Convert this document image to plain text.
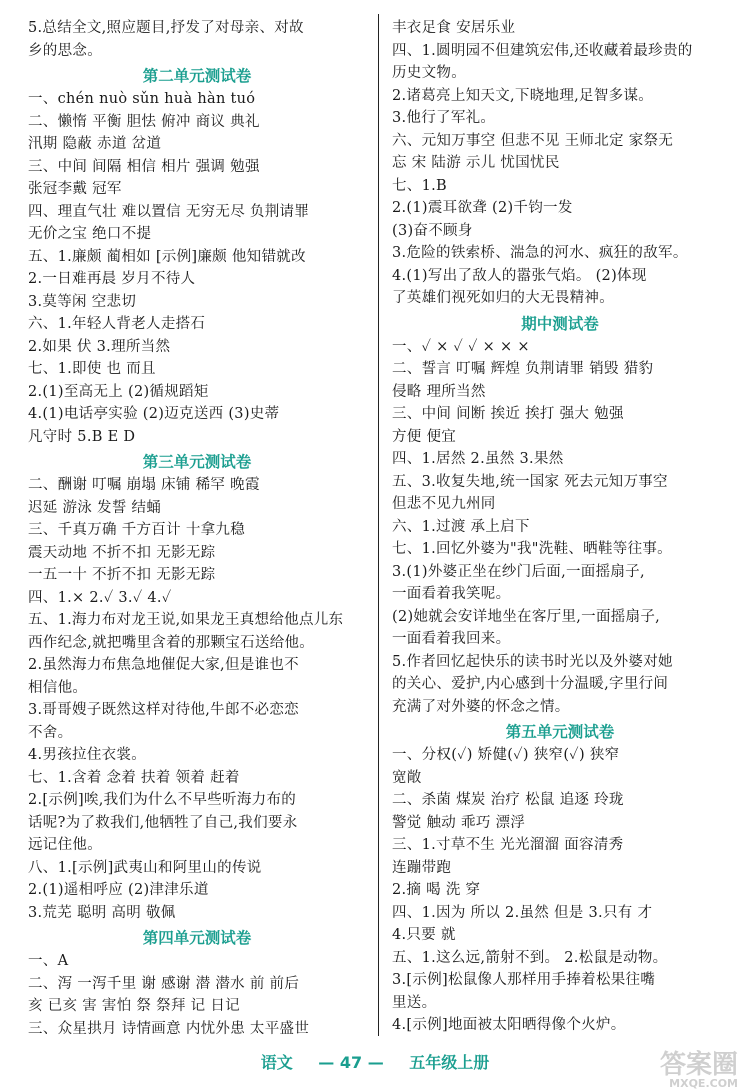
5.总结全文,照应题目,抒发了对母亲、对故
乡的思念。
第二单元测试卷
一、chén nuò sǔn huà hàn tuó
二、懒惰 平衡 胆怯 俯冲 商议 典礼
汛期 隐蔽 赤道 岔道
三、中间 间隔 相信 相片 强调 勉强
张冠李戴 冠军
四、理直气壮 难以置信 无穷无尽 负荆请罪
无价之宝 绝口不提
五、1.廉颇 蔺相如 [示例]廉颇 他知错就改
2.一日难再晨 岁月不待人
3.莫等闲 空悲切
六、1.年轻人背老人走搭石
2.如果 伏 3.理所当然
七、1.即使 也 而且
2.(1)至高无上 (2)循规蹈矩
4.(1)电话亭实验 (2)迈克送西 (3)史蒂
凡守时 5.B E D
第三单元测试卷
二、酬谢 叮嘱 崩塌 床铺 稀罕 晚霞
迟延 游泳 发誓 结蛹
三、千真万确 千方百计 十拿九稳
震天动地 不折不扣 无影无踪
一五一十 不折不扣 无影无踪
四、1.× 2.✓ 3.✓ 4.✓
五、1.海力布对龙王说,如果龙王真想给他点儿东
西作纪念,就把嘴里含着的那颗宝石送给他。
2.虽然海力布焦急地催促大家,但是谁也不
相信他。
3.哥哥嫂子既然这样对待他,牛郎不必恋恋
不舍。
4.男孩拉住衣裳。
七、1.含着 念着 扶着 领着 赶着
2.[示例]唉,我们为什么不早些听海力布的
话呢?为了救我们,他牺牲了自己,我们要永
远记住他。
八、1.[示例]武夷山和阿里山的传说
2.(1)遥相呼应 (2)津津乐道
3.荒芜 聪明 高明 敬佩
第四单元测试卷
一、A
二、泻 一泻千里 谢 感谢 潜 潜水 前 前后
亥 已亥 害 害怕 祭 祭拜 记 日记
三、众星拱月 诗情画意 内忧外患 太平盛世
丰衣足食 安居乐业
四、1.圆明园不但建筑宏伟,还收藏着最珍贵的
历史文物。
2.诸葛亮上知天文,下晓地理,足智多谋。
3.他行了军礼。
六、元知万事空 但悲不见 王师北定 家祭无
忘 宋 陆游 示儿 忧国忧民
七、1.B
2.(1)震耳欲聋 (2)千钧一发
(3)奋不顾身
3.危险的铁索桥、湍急的河水、疯狂的敌军。
4.(1)写出了敌人的嚣张气焰。 (2)体现
了英雄们视死如归的大无畏精神。
期中测试卷
一、✓ × ✓ ✓ × × ×
二、誓言 叮嘱 辉煌 负荆请罪 销毁 猎豹
侵略 理所当然
三、中间 间断 挨近 挨打 强大 勉强
方便 便宜
四、1.居然 2.虽然 3.果然
五、3.收复失地,统一国家 死去元知万事空
但悲不见九州同
六、1.过渡 承上启下
七、1.回忆外婆为"我"洗鞋、晒鞋等往事。
3.(1)外婆正坐在纱门后面,一面摇扇子,
一面看着我笑呢。
(2)她就会安详地坐在客厅里,一面摇扇子,
一面看着我回来。
5.作者回忆起快乐的读书时光以及外婆对她
的关心、爱护,内心感到十分温暖,字里行间
充满了对外婆的怀念之情。
第五单元测试卷
一、分权(✓) 矫健(✓) 狭窄(✓) 狭窄
宽敞
二、杀菌 煤炭 治疗 松鼠 追逐 玲珑
警觉 触动 乖巧 漂浮
三、1.寸草不生 光光溜溜 面容清秀
连蹦带跑
2.摘 喝 洗 穿
四、1.因为 所以 2.虽然 但是 3.只有 才
4.只要 就
五、1.这么远,箭射不到。 2.松鼠是动物。
3.[示例]松鼠像人那样用手捧着松果往嘴
里送。
4.[示例]地面被太阳晒得像个火炉。
语文 — 47 — 五年级上册	答案圈
MXQE.COM
